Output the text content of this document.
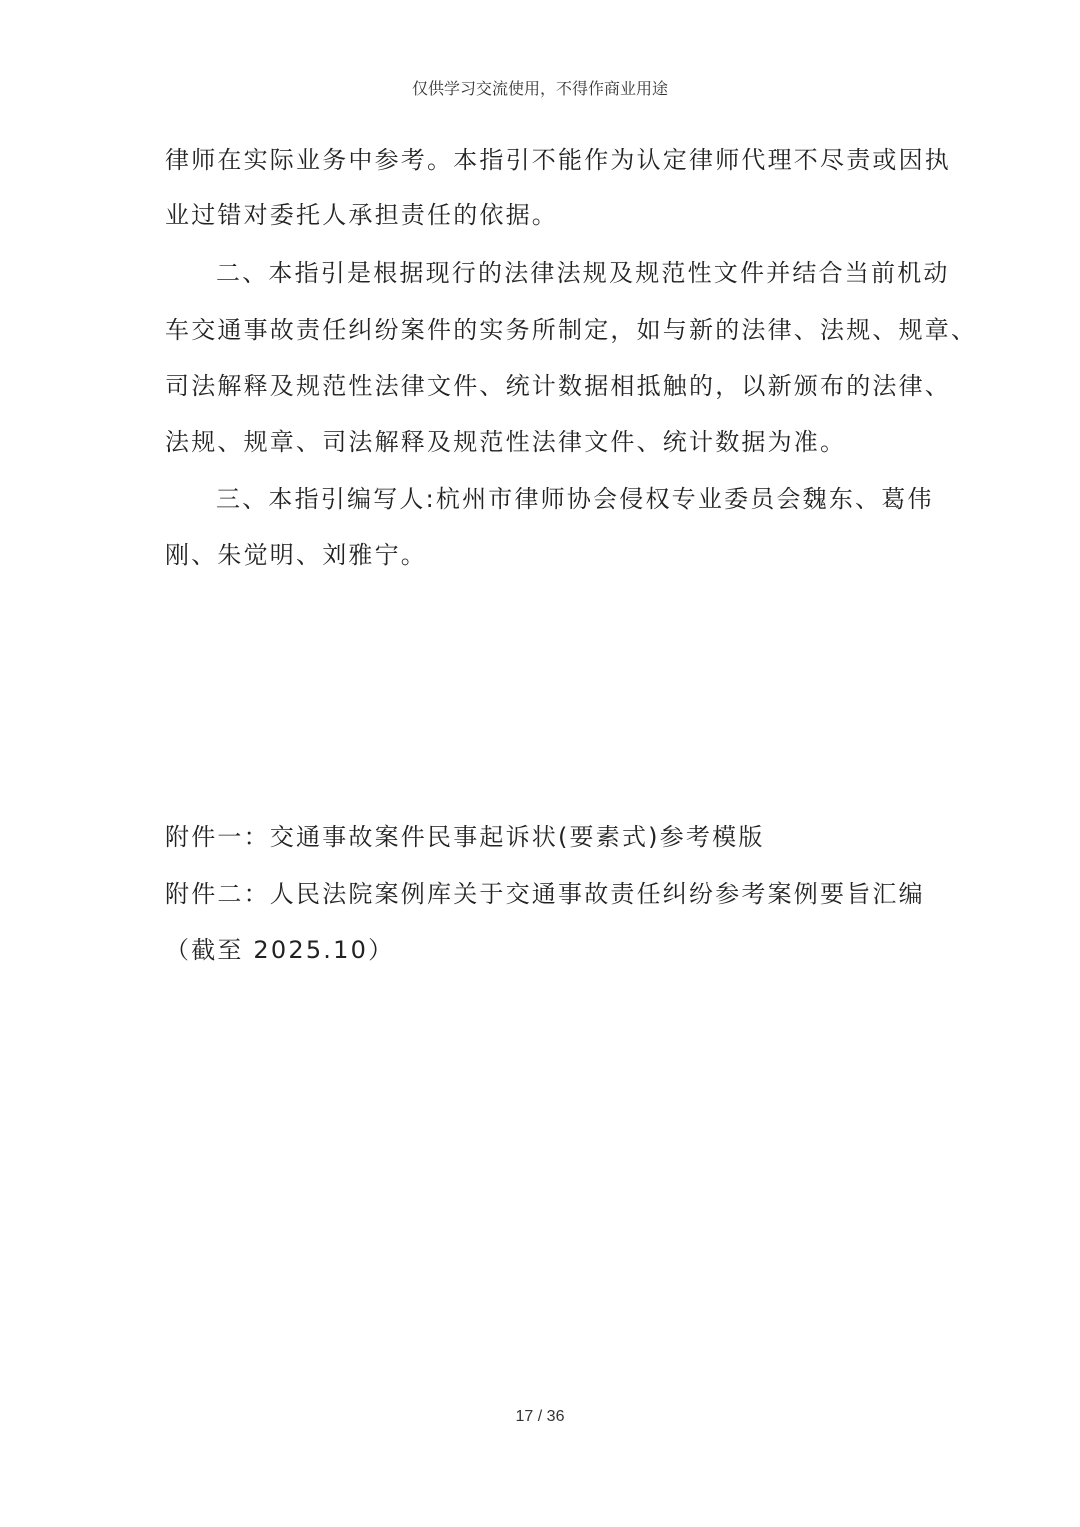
仅供学习交流使用，不得作商业用途
律师在实际业务中参考。本指引不能作为认定律师代理不尽责或因执
业过错对委托人承担责任的依据。
二、本指引是根据现行的法律法规及规范性文件并结合当前机动
车交通事故责任纠纷案件的实务所制定，如与新的法律、法规、规章、
司法解释及规范性法律文件、统计数据相抵触的，以新颁布的法律、
法规、规章、司法解释及规范性法律文件、统计数据为准。
三、本指引编写人:杭州市律师协会侵权专业委员会魏东、葛伟
刚、朱觉明、刘雅宁。
附件一：交通事故案件民事起诉状(要素式)参考模版
附件二：人民法院案例库关于交通事故责任纠纷参考案例要旨汇编
（截至 2025.10）
17 / 36
